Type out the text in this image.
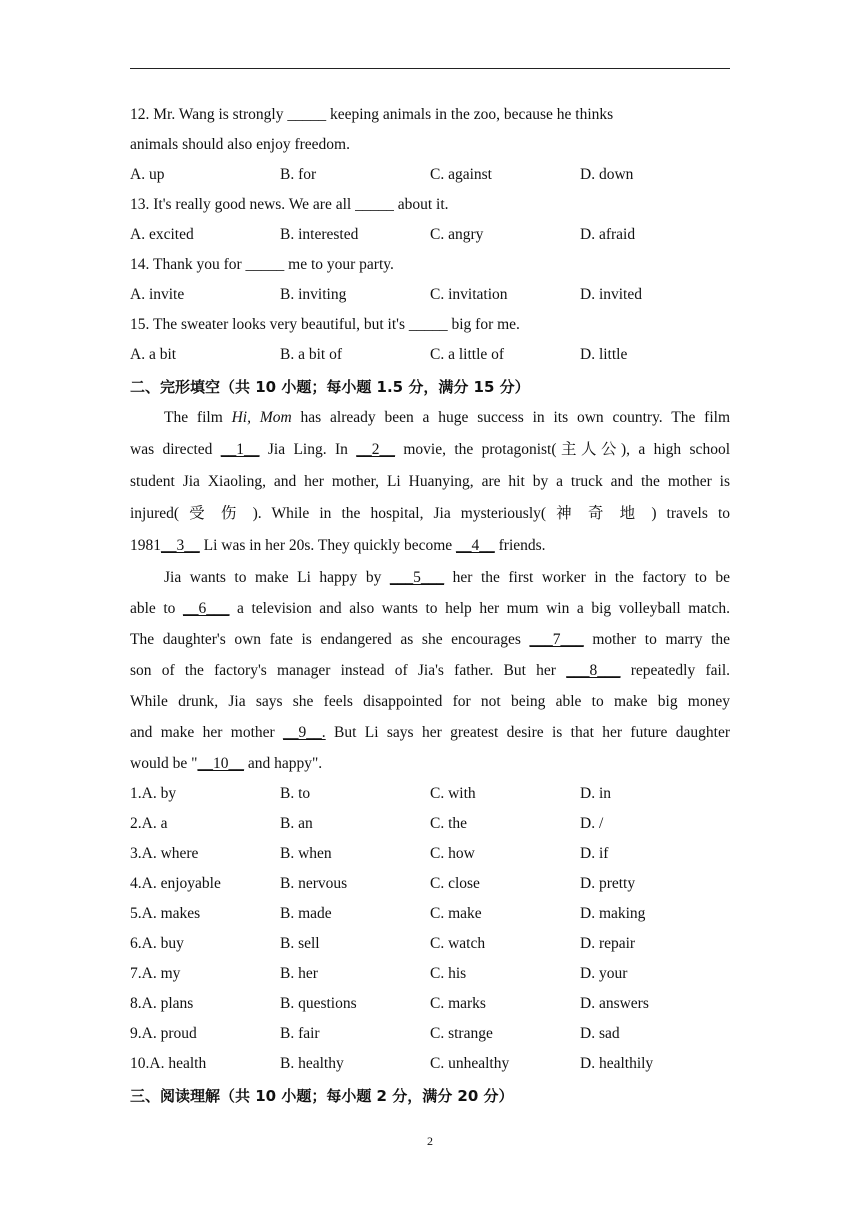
12. Mr. Wang is strongly _____ keeping animals in the zoo, because he thinks
animals should also enjoy freedom.
A. up	B. for	C. against	D. down
13. It's really good news. We are all _____ about it.
A. excited	B. interested	C. angry	D. afraid
14. Thank you for _____ me to your party.
A. invite	B. inviting	C. invitation	D. invited
15. The sweater looks very beautiful, but it's _____ big for me.
A. a bit	B. a bit of	C. a little of	D. little
二、完形填空（共 10 小题；每小题 1.5 分，满分 15 分）
The film Hi, Mom has already been a huge success in its own country. The film
was directed __1__ Jia Ling. In __2__ movie, the protagonist(主人公), a high school
student Jia Xiaoling, and her mother, Li Huanying, are hit by a truck and the mother is
injured( 受 伤 ). While in the hospital, Jia mysteriously( 神 奇 地 ) travels to
1981__3__ Li was in her 20s. They quickly become __4__ friends.
Jia wants to make Li happy by ___5___ her the first worker in the factory to be
able to __6___ a television and also wants to help her mum win a big volleyball match.
The daughter's own fate is endangered as she encourages ___7___ mother to marry the
son of the factory's manager instead of Jia's father. But her ___8___ repeatedly fail.
While drunk, Jia says she feels disappointed for not being able to make big money
and make her mother __9__. But Li says her greatest desire is that her future daughter
would be "__10__ and happy".
1.A. by	B. to	C. with	D. in
2.A. a	B. an	C. the	D. /
3.A. where	B. when	C. how	D. if
4.A. enjoyable	B. nervous	C. close	D. pretty
5.A. makes	B. made	C. make	D. making
6.A. buy	B. sell	C. watch	D. repair
7.A. my	B. her	C. his	D. your
8.A. plans	B. questions	C. marks	D. answers
9.A. proud	B. fair	C. strange	D. sad
10.A. health	B. healthy	C. unhealthy	D. healthily
三、阅读理解（共 10 小题；每小题 2 分，满分 20 分）
2
